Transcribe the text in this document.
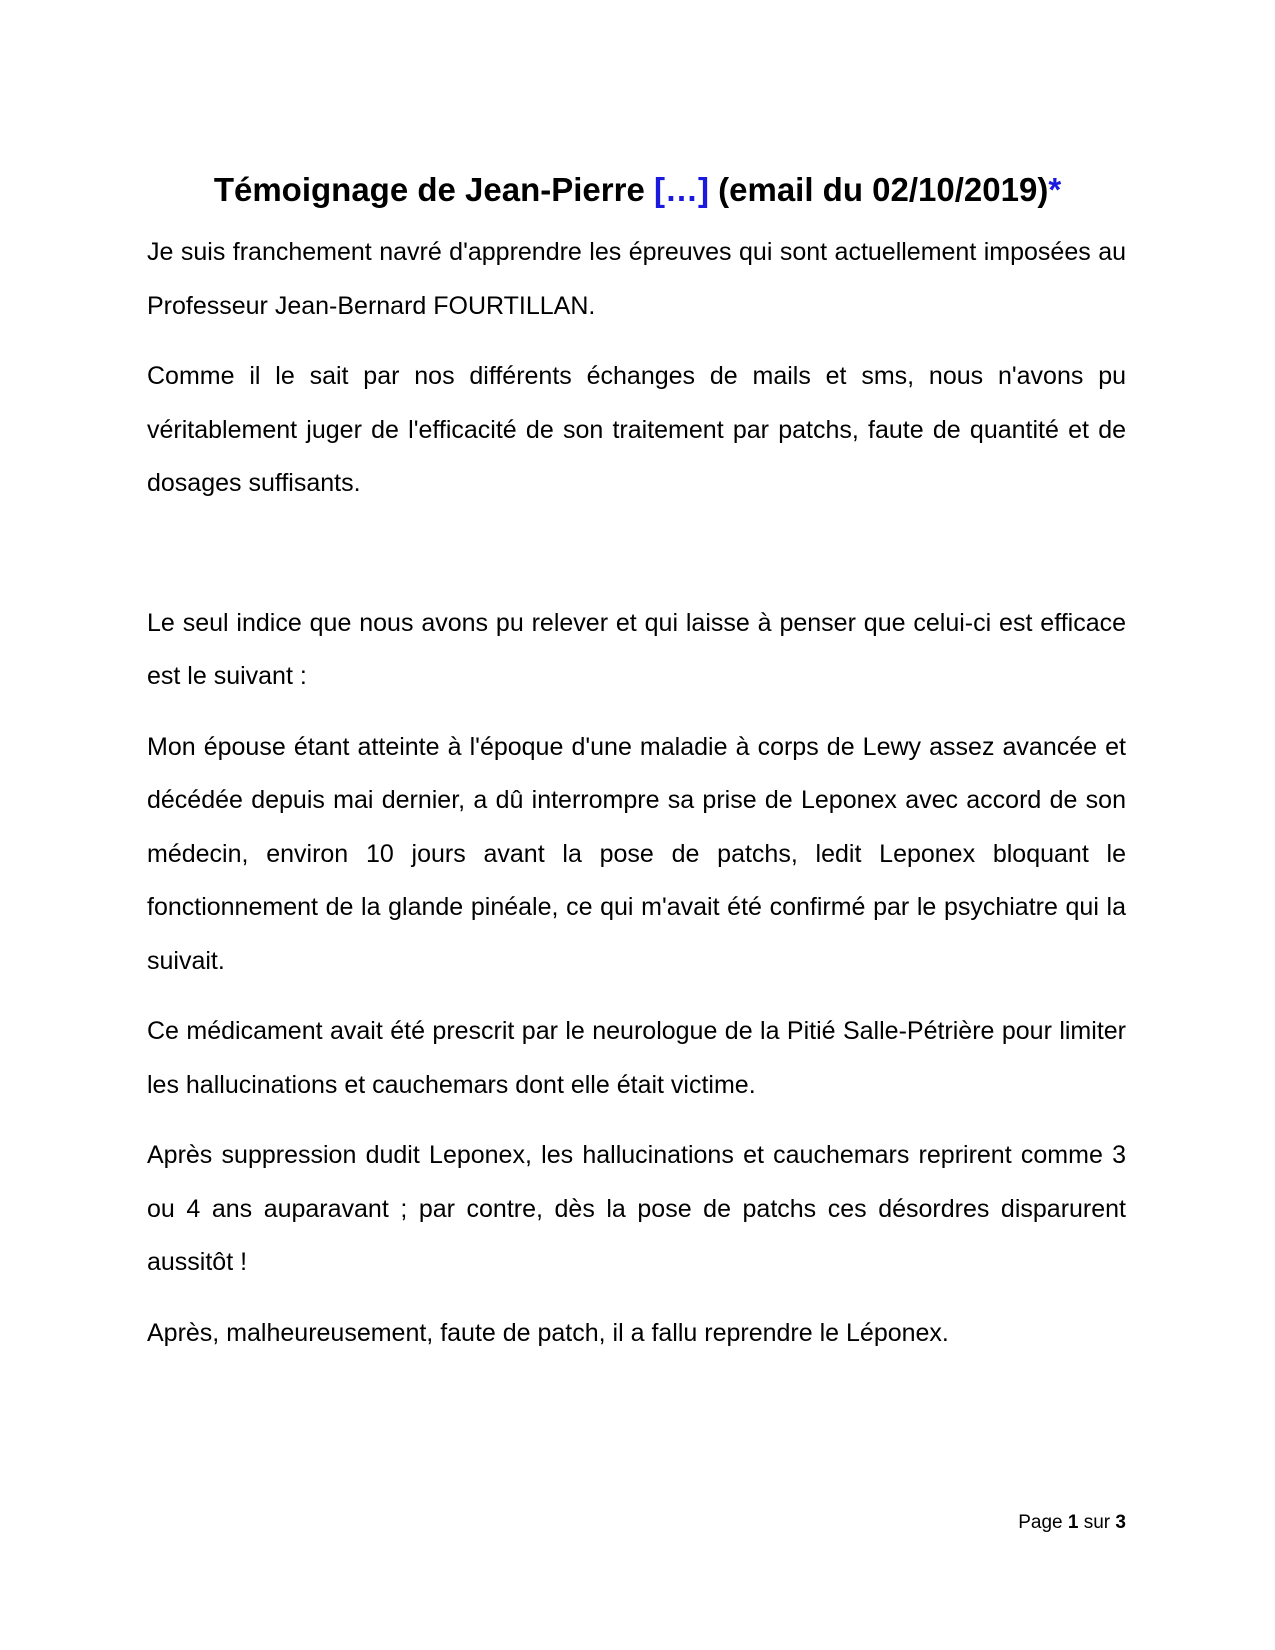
Témoignage de Jean-Pierre […] (email du 02/10/2019)*

Je suis franchement navré d'apprendre les épreuves qui sont actuellement imposées au Professeur Jean-Bernard FOURTILLAN.

Comme il le sait par nos différents échanges de mails et sms, nous n'avons pu véritablement juger de l'efficacité de son traitement par patchs, faute de quantité et de dosages suffisants.

Le seul indice que nous avons pu relever et qui laisse à penser que celui-ci est efficace est le suivant :

Mon épouse étant atteinte à l'époque d'une maladie à corps de Lewy assez avancée et décédée depuis mai dernier, a dû interrompre sa prise de Leponex avec accord de son médecin, environ 10 jours avant la pose de patchs, ledit Leponex bloquant le fonctionnement de la glande pinéale, ce qui m'avait été confirmé par le psychiatre qui la suivait.

Ce médicament avait été prescrit par le neurologue de la Pitié Salle-Pétrière pour limiter les hallucinations et cauchemars dont elle était victime.

Après suppression dudit Leponex, les hallucinations et cauchemars reprirent comme 3 ou 4 ans auparavant ; par contre, dès la pose de patchs ces désordres disparurent aussitôt !

Après, malheureusement, faute de patch, il a fallu reprendre le Léponex.

Page 1 sur 3
